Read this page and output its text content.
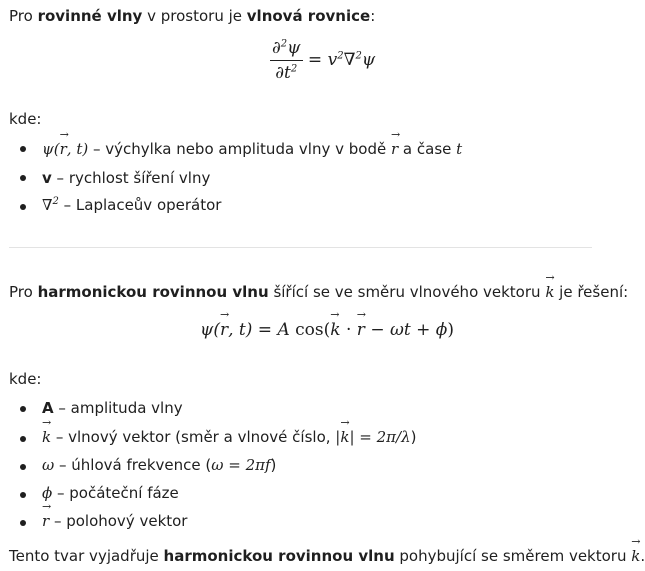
Pro rovinné vlny v prostoru je vlnová rovnice:
$\frac{\partial^2\psi}{\partial t^2} = v^2\nabla^2\psi$
kde:
ψ(→ r, t) – výchylka nebo amplituda vlny v bodě → r a čase t
v – rychlost šíření vlny
∇$^2$ – Laplaceův operátor
Pro harmonickou rovinnou vlnu šířící se ve směru vlnového vektoru → k je řešení:
ψ(→ r, t) = A cos(→ k · → r − ωt + ϕ)
kde:
A – amplituda vlny
→ k – vlnový vektor (směr a vlnové číslo, |→ k| = 2π/λ)
ω – úhlová frekvence (ω = 2πf)
ϕ – počáteční fáze
→ r – polohový vektor
Tento tvar vyjadřuje harmonickou rovinnou vlnu pohybující se směrem vektoru → k.
